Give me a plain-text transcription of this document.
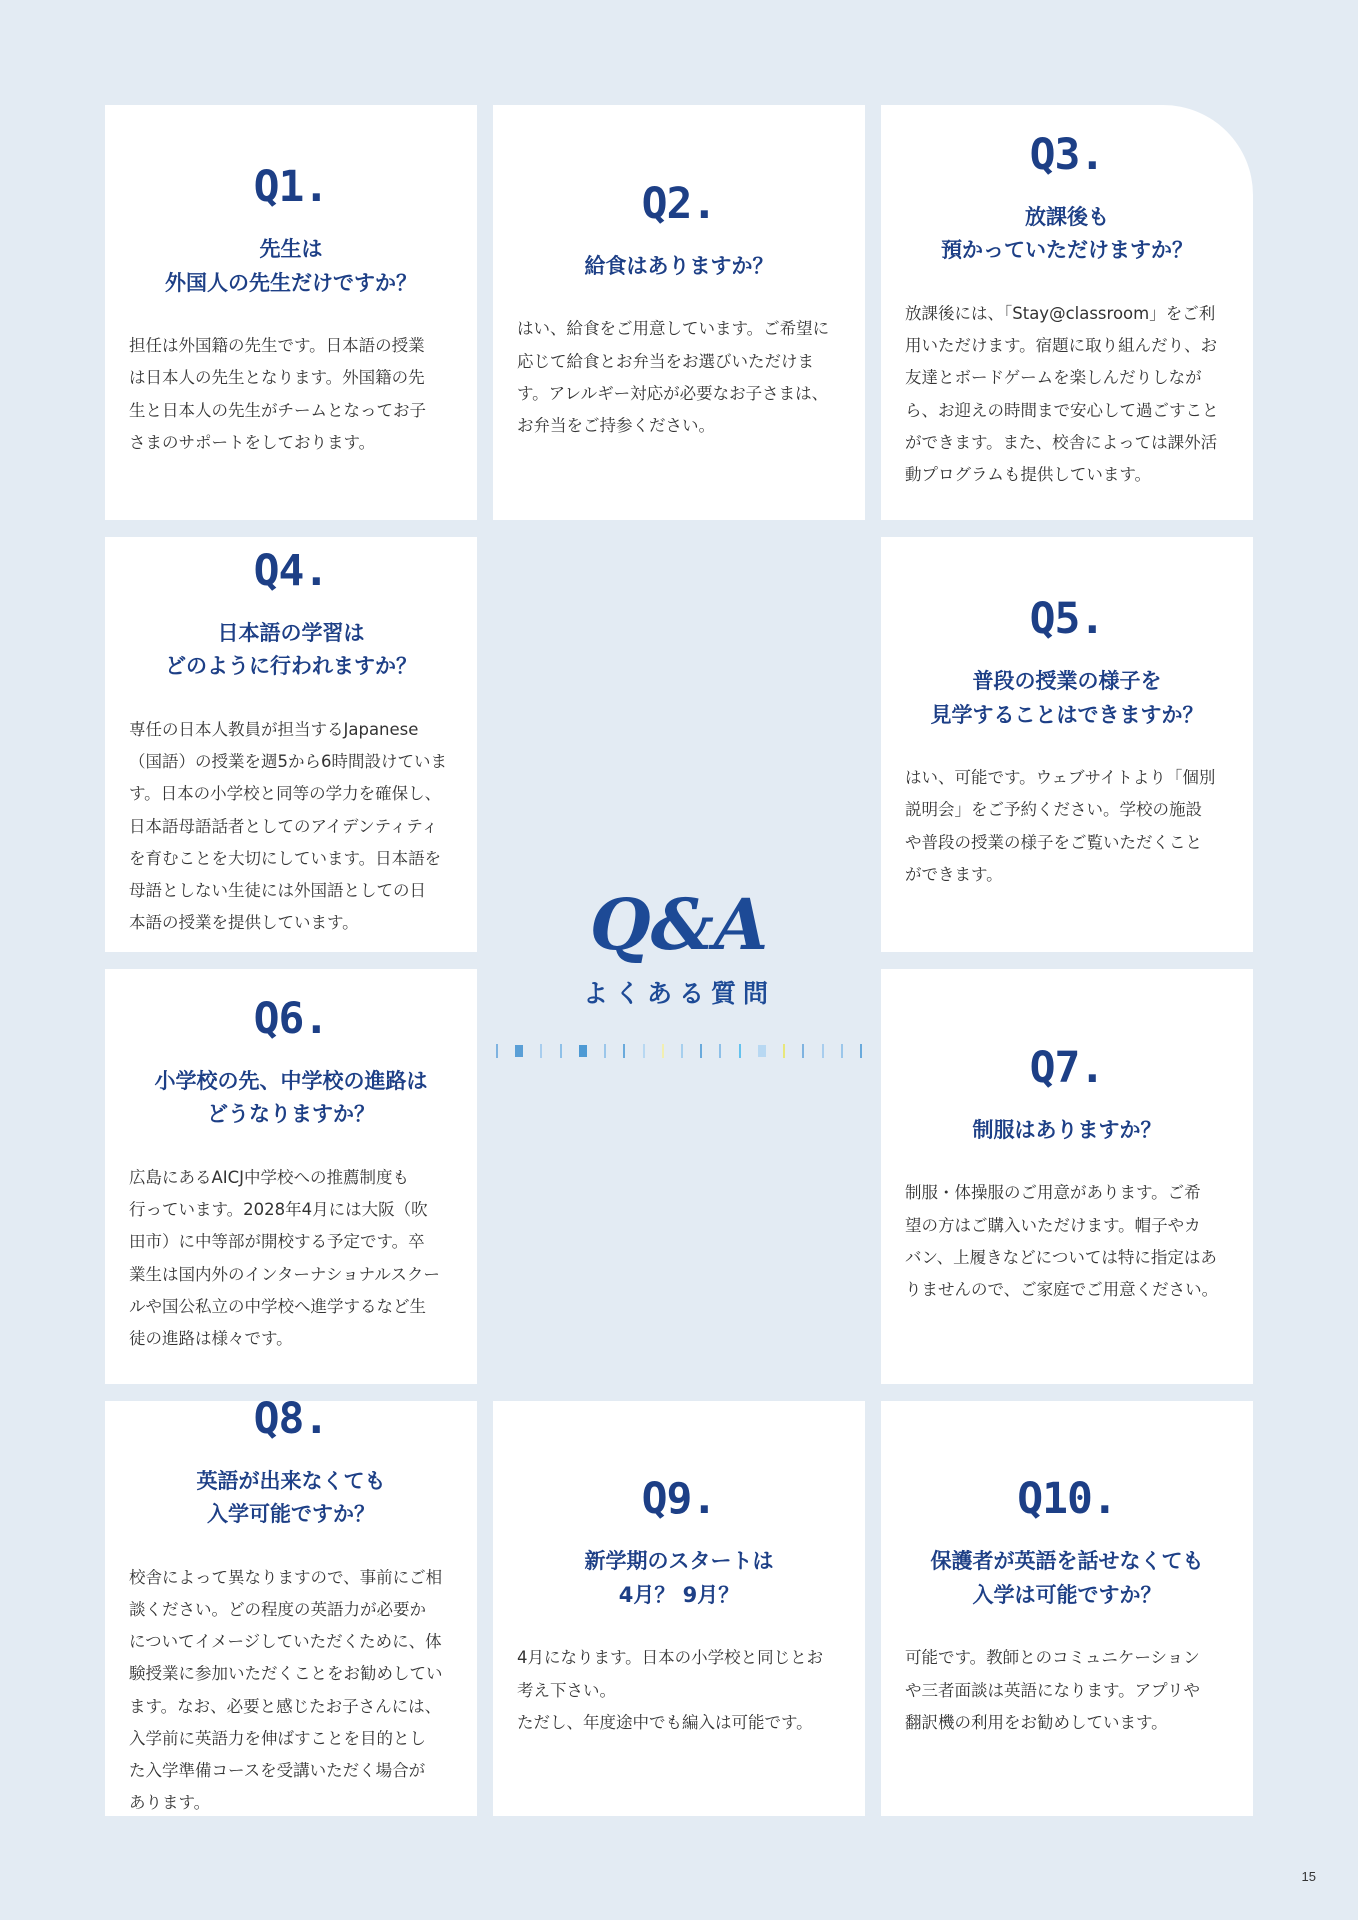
Q1.
先生は
外国人の先生だけですか？
担任は外国籍の先生です。日本語の授業
は日本人の先生となります。外国籍の先
生と日本人の先生がチームとなってお子
さまのサポートをしております。
Q2.
給食はありますか？
はい、給食をご用意しています。ご希望に
応じて給食とお弁当をお選びいただけま
す。アレルギー対応が必要なお子さまは、
お弁当をご持参ください。
Q3.
放課後も
預かっていただけますか？
放課後には、「Stay@classroom」をご利
用いただけます。宿題に取り組んだり、お
友達とボードゲームを楽しんだりしなが
ら、お迎えの時間まで安心して過ごすこと
ができます。また、校舎によっては課外活
動プログラムも提供しています。
Q4.
日本語の学習は
どのように行われますか？
専任の日本人教員が担当するJapanese
（国語）の授業を週5から6時間設けていま
す。日本の小学校と同等の学力を確保し、
日本語母語話者としてのアイデンティティ
を育むことを大切にしています。日本語を
母語としない生徒には外国語としての日
本語の授業を提供しています。
Q5.
普段の授業の様子を
見学することはできますか？
はい、可能です。ウェブサイトより「個別
説明会」をご予約ください。学校の施設
や普段の授業の様子をご覧いただくこと
ができます。
Q&A
よくある質問
Q6.
小学校の先、中学校の進路は
どうなりますか？
広島にあるAICJ中学校への推薦制度も
行っています。2028年4月には大阪（吹
田市）に中等部が開校する予定です。卒
業生は国内外のインターナショナルスクー
ルや国公私立の中学校へ進学するなど生
徒の進路は様々です。
Q7.
制服はありますか？
制服・体操服のご用意があります。ご希
望の方はご購入いただけます。帽子やカ
バン、上履きなどについては特に指定はあ
りませんので、ご家庭でご用意ください。
Q8.
英語が出来なくても
入学可能ですか？
校舎によって異なりますので、事前にご相
談ください。どの程度の英語力が必要か
についてイメージしていただくために、体
験授業に参加いただくことをお勧めしてい
ます。なお、必要と感じたお子さんには、
入学前に英語力を伸ばすことを目的とし
た入学準備コースを受講いただく場合が
あります。
Q9.
新学期のスタートは
4月？ 9月？
4月になります。日本の小学校と同じとお
考え下さい。
ただし、年度途中でも編入は可能です。
Q10.
保護者が英語を話せなくても
入学は可能ですか？
可能です。教師とのコミュニケーション
や三者面談は英語になります。アプリや
翻訳機の利用をお勧めしています。
15
